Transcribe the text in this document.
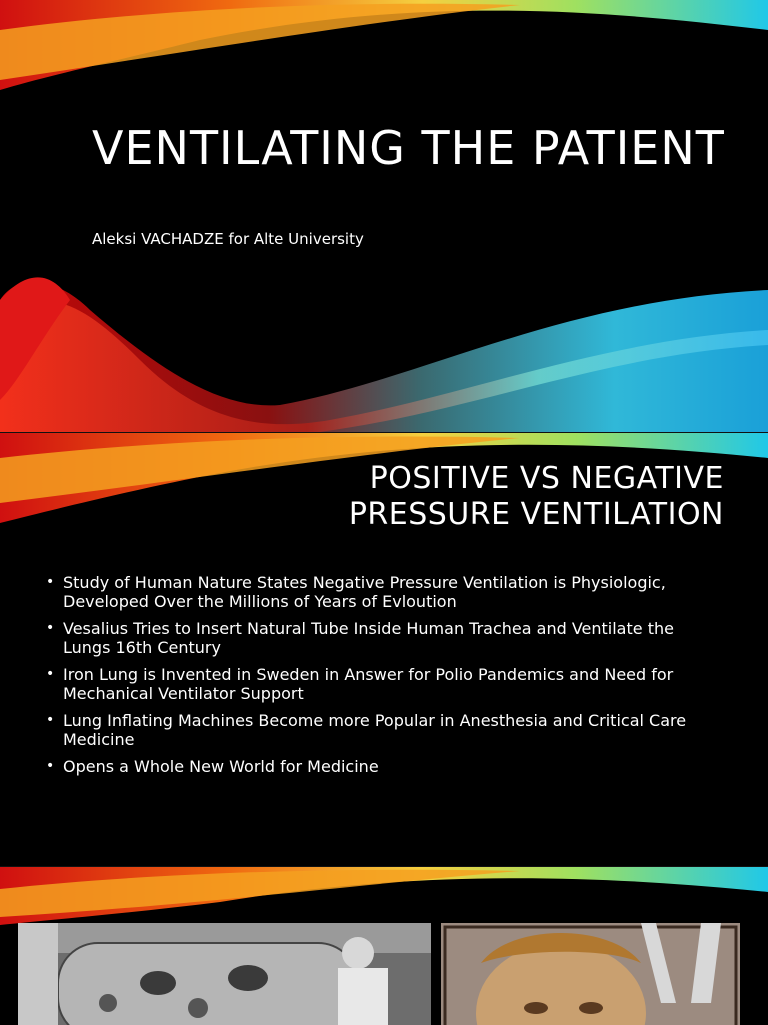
VENTILATING THE PATIENT
Aleksi VACHADZE for Alte University
POSITIVE VS NEGATIVE
PRESSURE VENTILATION
• Study of Human Nature States Negative Pressure Ventilation is Physiologic, Developed Over the Millions of Years of Evloution
• Vesalius Tries to Insert Natural Tube Inside Human Trachea and Ventilate the Lungs 16th Century
• Iron Lung is Invented in Sweden in Answer for Polio Pandemics and Need for Mechanical Ventilator Support
• Lung Inflating Machines Become more Popular in Anesthesia and Critical Care Medicine
• Opens a Whole New World for Medicine
